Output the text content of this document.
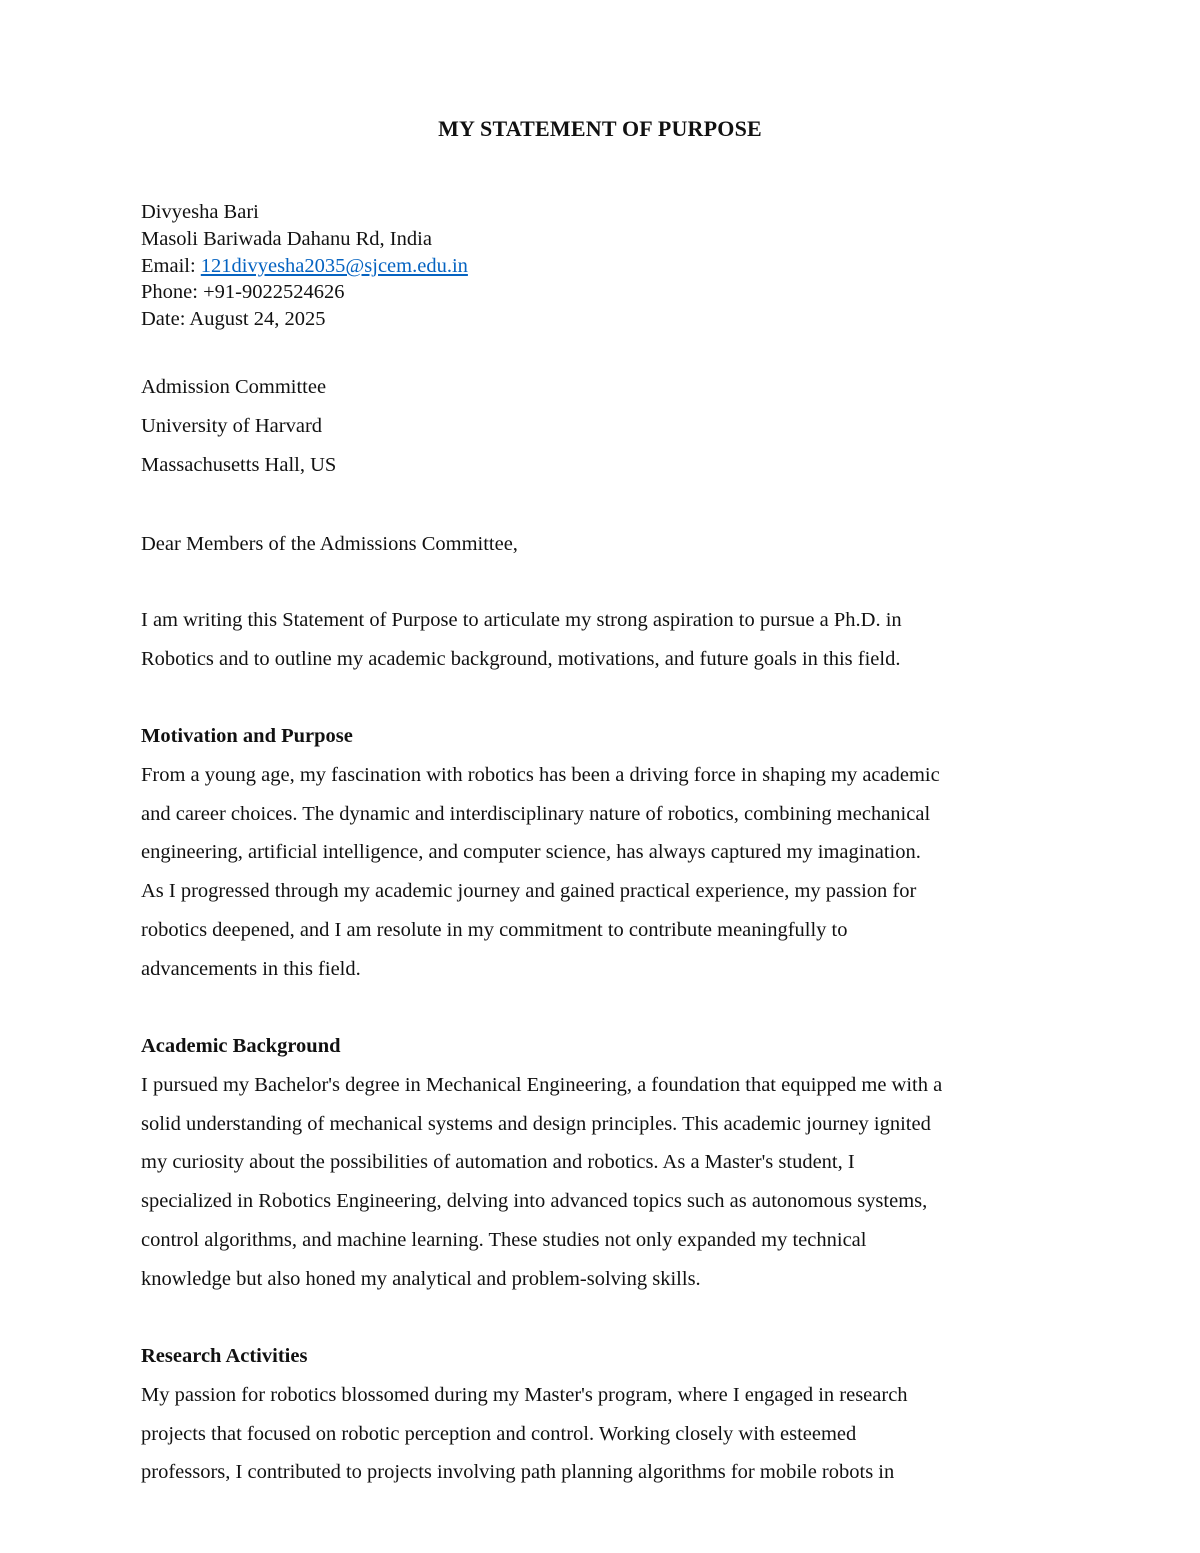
MY STATEMENT OF PURPOSE
Divyesha Bari
Masoli Bariwada Dahanu Rd, India
Email: 121divyesha2035@sjcem.edu.in
Phone: +91-9022524626
Date: August 24, 2025
Admission Committee
University of Harvard
Massachusetts Hall, US
Dear Members of the Admissions Committee,
I am writing this Statement of Purpose to articulate my strong aspiration to pursue a Ph.D. in
Robotics and to outline my academic background, motivations, and future goals in this field.
Motivation and Purpose
From a young age, my fascination with robotics has been a driving force in shaping my academic
and career choices. The dynamic and interdisciplinary nature of robotics, combining mechanical
engineering, artificial intelligence, and computer science, has always captured my imagination.
As I progressed through my academic journey and gained practical experience, my passion for
robotics deepened, and I am resolute in my commitment to contribute meaningfully to
advancements in this field.
Academic Background
I pursued my Bachelor's degree in Mechanical Engineering, a foundation that equipped me with a
solid understanding of mechanical systems and design principles. This academic journey ignited
my curiosity about the possibilities of automation and robotics. As a Master's student, I
specialized in Robotics Engineering, delving into advanced topics such as autonomous systems,
control algorithms, and machine learning. These studies not only expanded my technical
knowledge but also honed my analytical and problem-solving skills.
Research Activities
My passion for robotics blossomed during my Master's program, where I engaged in research
projects that focused on robotic perception and control. Working closely with esteemed
professors, I contributed to projects involving path planning algorithms for mobile robots in
